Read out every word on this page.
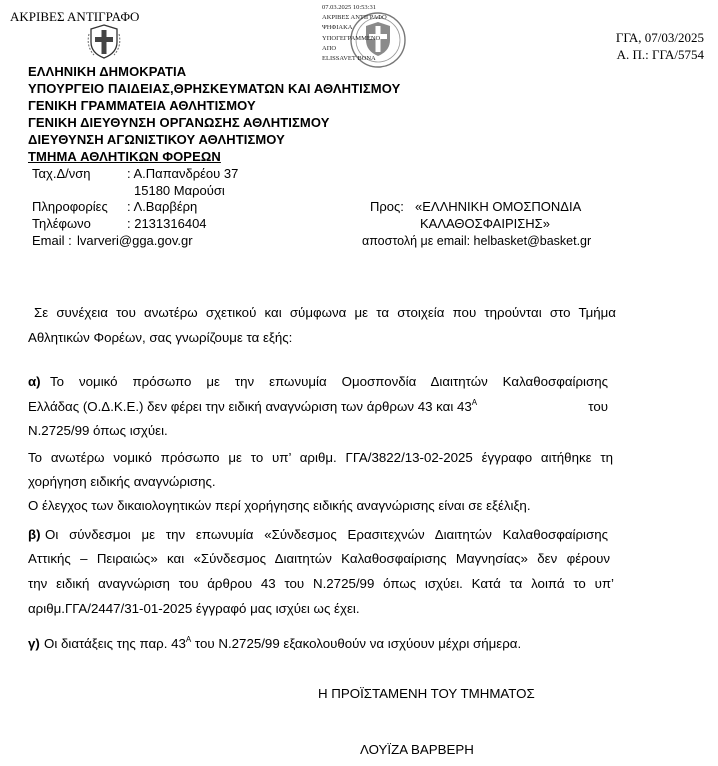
ΑΚΡΙΒΕΣ ΑΝΤΙΓΡΑΦΟ
07.03.2025 10:53:31
ΑΚΡΙΒΕΣ ΑΝΤΙΓΡΑΦΟ
ΨΗΦΙΑΚΑ
ΥΠΟΓΕΓΡΑΜΜΕΝΟ
ΑΠΟ
ELISSAVET BONA
ΓΓΑ, 07/03/2025
Α. Π.: ΓΓΑ/5754
ΕΛΛΗΝΙΚΗ ΔΗΜΟΚΡΑΤΙΑ
ΥΠΟΥΡΓΕΙΟ ΠΑΙΔΕΙΑΣ,ΘΡΗΣΚΕΥΜΑΤΩΝ ΚΑΙ ΑΘΛΗΤΙΣΜΟΥ
ΓΕΝΙΚΗ ΓΡΑΜΜΑΤΕΙΑ ΑΘΛΗΤΙΣΜΟΥ
ΓΕΝΙΚΗ ΔΙΕΥΘΥΝΣΗ ΟΡΓΑΝΩΣΗΣ ΑΘΛΗΤΙΣΜΟΥ
ΔΙΕΥΘΥΝΣΗ ΑΓΩΝΙΣΤΙΚΟΥ ΑΘΛΗΤΙΣΜΟΥ
ΤΜΗΜΑ ΑΘΛΗΤΙΚΩΝ ΦΟΡΕΩΝ
Ταχ.Δ/νση	: Α.Παπανδρέου 37
15180 Μαρούσι
Πληροφορίες : Λ.Βαρβέρη
Τηλέφωνο	: 2131316404
Email : lvarveri@gga.gov.gr
Προς: «ΕΛΛΗΝΙΚΗ ΟΜΟΣΠΟΝΔΙΑ
ΚΑΛΑΘΟΣΦΑΙΡΙΣΗΣ»
αποστολή με email: helbasket@basket.gr
Σε συνέχεια του ανωτέρω σχετικού και σύμφωνα με τα στοιχεία που τηρούνται στο Τμήμα
Αθλητικών Φορέων, σας γνωρίζουμε τα εξής:
α) Το νομικό πρόσωπο με την επωνυμία Ομοσπονδία Διαιτητών Καλαθοσφαίρισης
Ελλάδας (Ο.Δ.Κ.Ε.) δεν φέρει την ειδική αναγνώριση των άρθρων 43 και $43^A$	του
Ν.2725/99 όπως ισχύει.
Το ανωτέρω νομικό πρόσωπο με το υπ’ αριθμ. ΓΓΑ/3822/13-02-2025 έγγραφο αιτήθηκε τη
χορήγηση ειδικής αναγνώρισης.
Ο έλεγχος των δικαιολογητικών περί χορήγησης ειδικής αναγνώρισης είναι σε εξέλιξη.
β) Οι σύνδεσμοι με την επωνυμία «Σύνδεσμος Ερασιτεχνών Διαιτητών Καλαθοσφαίρισης
Αττικής – Πειραιώς» και «Σύνδεσμος Διαιτητών Καλαθοσφαίρισης Μαγνησίας» δεν φέρουν
την ειδική αναγνώριση του άρθρου 43 του Ν.2725/99 όπως ισχύει. Κατά τα λοιπά το υπ’
αριθμ.ΓΓΑ/2447/31-01-2025 έγγραφό μας ισχύει ως έχει.
γ) Οι διατάξεις της παρ. $43^A$ του Ν.2725/99 εξακολουθούν να ισχύουν μέχρι σήμερα.
Η ΠΡΟΪΣΤΑΜΕΝΗ ΤΟΥ ΤΜΗΜΑΤΟΣ
ΛΟΥΪΖΑ ΒΑΡΒΕΡΗ
